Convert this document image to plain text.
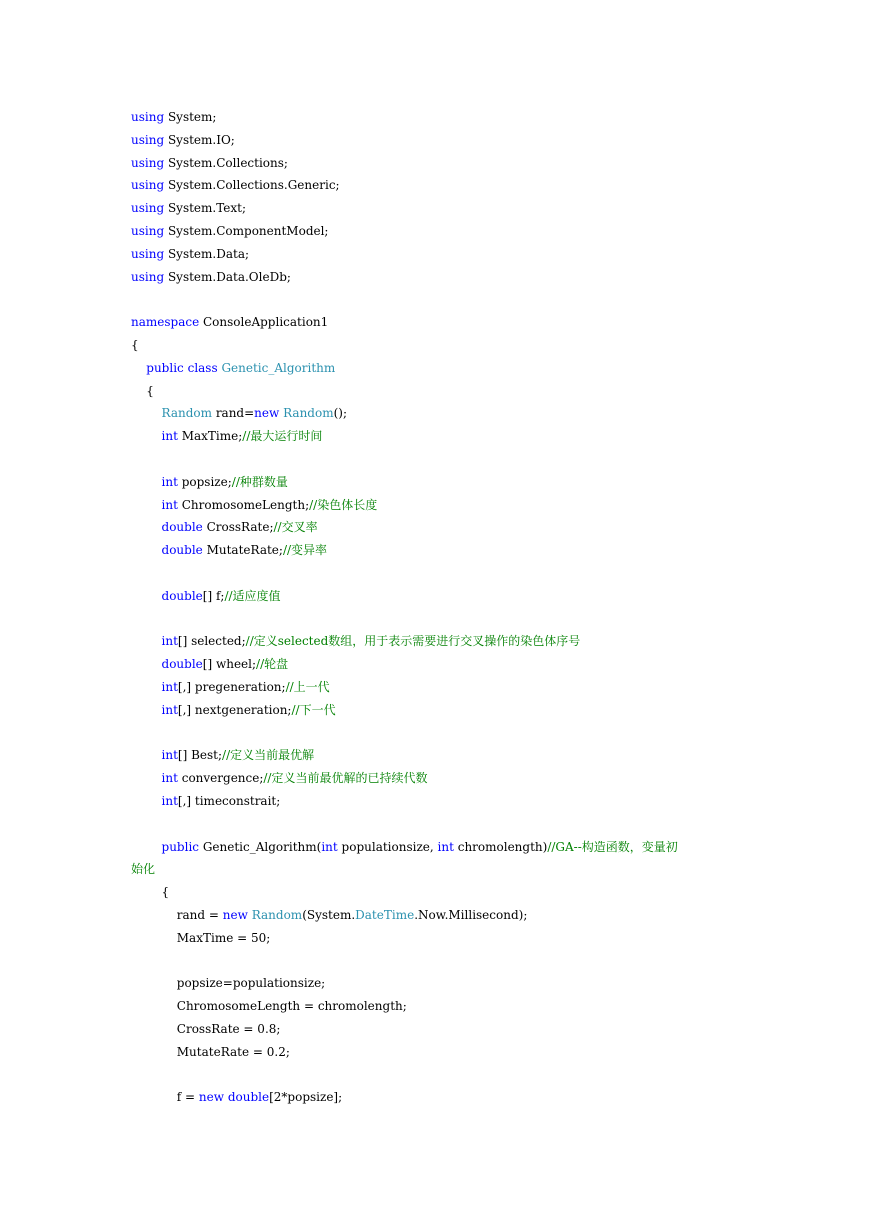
using System;
using System.IO;
using System.Collections;
using System.Collections.Generic;
using System.Text;
using System.ComponentModel;
using System.Data;
using System.Data.OleDb;

namespace ConsoleApplication1
{
public class Genetic_Algorithm
{
Random rand=new Random();
int MaxTime;//最大运行时间

int popsize;//种群数量
int ChromosomeLength;//染色体长度
double CrossRate;//交叉率
double MutateRate;//变异率

double[] f;//适应度值

int[] selected;//定义selected数组，用于表示需要进行交叉操作的染色体序号
double[] wheel;//轮盘
int[,] pregeneration;//上一代
int[,] nextgeneration;//下一代

int[] Best;//定义当前最优解
int convergence;//定义当前最优解的已持续代数
int[,] timeconstrait;

public Genetic_Algorithm(int populationsize, int chromolength)//GA--构造函数，变量初
始化
{
rand = new Random(System.DateTime.Now.Millisecond);
MaxTime = 50;

popsize=populationsize;
ChromosomeLength = chromolength;
CrossRate = 0.8;
MutateRate = 0.2;

f = new double[2*popsize];
